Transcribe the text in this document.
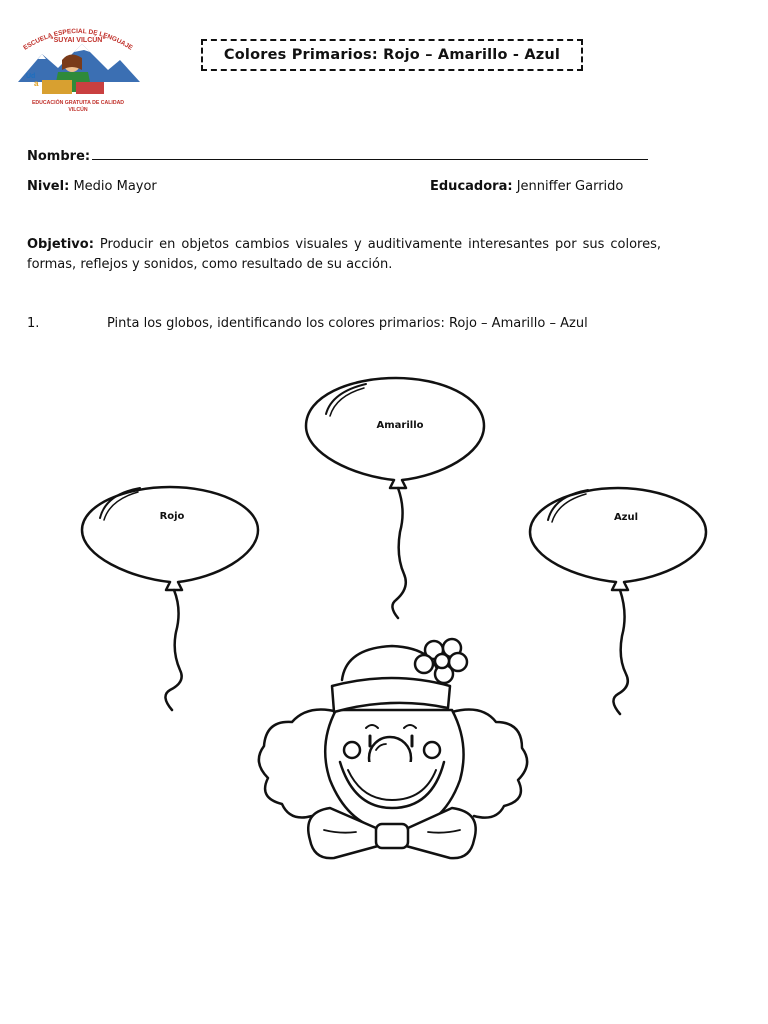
ESCUELA ESPECIAL DE LENGUAJE
"SUYAI VILCÚN"
Ud
a
EDUCACIÓN GRATUITA DE CALIDAD
VILCÚN
Colores Primarios: Rojo – Amarillo - Azul
Nombre:
Nivel: Medio Mayor	Educadora: Jenniffer Garrido
Objetivo: Producir en objetos cambios visuales y auditivamente interesantes por sus colores, formas, reflejos y sonidos, como resultado de su acción.
1.	Pinta los globos, identificando los colores primarios: Rojo – Amarillo – Azul
Rojo
Amarillo
Azul
